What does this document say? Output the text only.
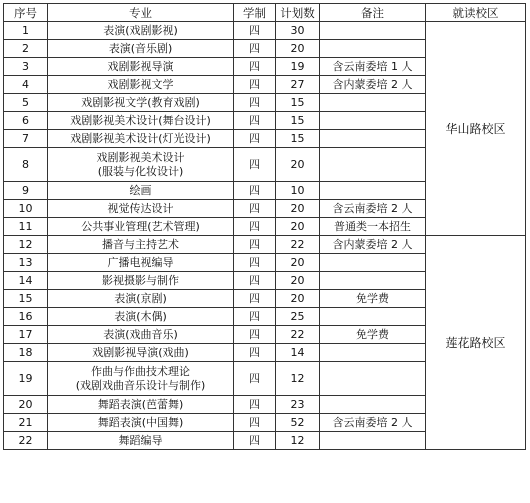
序号	专业	学制	计划数	备注	就读校区
1	表演(戏剧影视)	四	30		华山路校区
2	表演(音乐剧)	四	20		
3	戏剧影视导演	四	19	含云南委培 1 人	
4	戏剧影视文学	四	27	含内蒙委培 2 人	
5	戏剧影视文学(教育戏剧)	四	15		
6	戏剧影视美术设计(舞台设计)	四	15		
7	戏剧影视美术设计(灯光设计)	四	15		
8	戏剧影视美术设计
(服装与化妆设计)	四	20		
9	绘画	四	10		
10	视觉传达设计	四	20	含云南委培 2 人	
11	公共事业管理(艺术管理)	四	20	普通类一本招生	
12	播音与主持艺术	四	22	含内蒙委培 2 人	莲花路校区
13	广播电视编导	四	20		
14	影视摄影与制作	四	20		
15	表演(京剧)	四	20	免学费	
16	表演(木偶)	四	25		
17	表演(戏曲音乐)	四	22	免学费	
18	戏剧影视导演(戏曲)	四	14		
19	作曲与作曲技术理论
(戏剧戏曲音乐设计与制作)	四	12		
20	舞蹈表演(芭蕾舞)	四	23		
21	舞蹈表演(中国舞)	四	52	含云南委培 2 人	
22	舞蹈编导	四	12		
